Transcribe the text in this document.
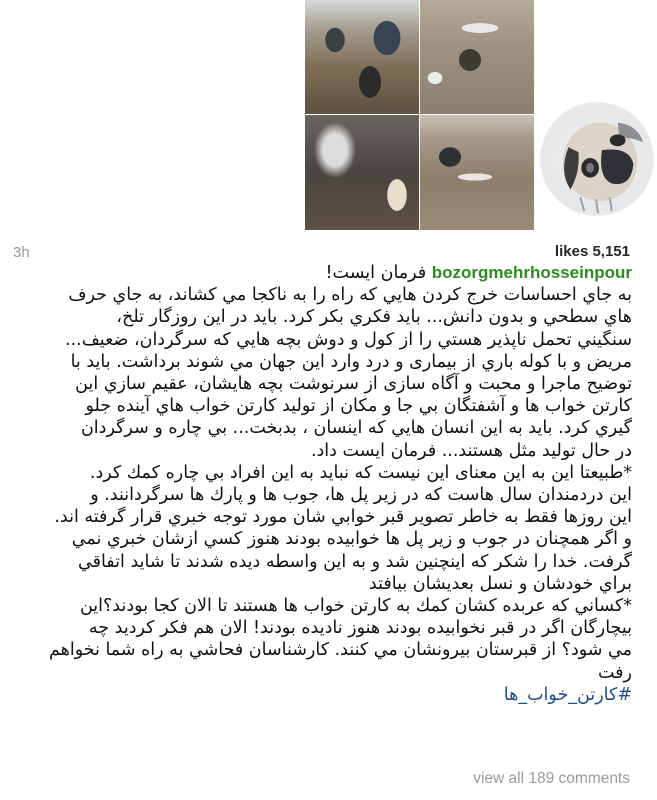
3h	likes 5,151
bozorgmehrhosseinpour فرمان ایست!
به جاي احساسات خرج كردن هايي كه راه را به ناكجا مي كشاند، به جاي حرف
هاي سطحي و بدون دانش... بايد فكري بكر كرد. بايد در اين روزگار تلخ،
سنگيني تحمل ناپذير هستي را از كول و دوش بچه هايي كه سرگردان، ضعيف...
مريض و با كوله باري از بيماری و درد وارد اين جهان مي شوند برداشت. بايد با
توضيح ماجرا و محبت و آگاه سازی از سرنوشت بچه هايشان، عقيم سازي اين
كارتن خواب ها و آشفتگان بي جا و مكان از توليد كارتن خواب هاي آينده جلو
گيري كرد. بايد به اين انسان هايي كه اينسان ، بدبخت... بي چاره و سرگردان
در حال توليد مثل هستند... فرمان ايست داد.
*طبيعتا اين به اين معنای اين نيست كه نبايد به اين افراد بي چاره كمك كرد.
اين دردمندان سال هاست كه در زير پل ها، جوب ها و پارك ها سرگردانند. و
اين روزها فقط به خاطر تصوير قبر خوابي شان مورد توجه خبري قرار گرفته اند.
و اگر همچنان در جوب و زير پل ها خوابيده بودند هنوز كسي ازشان خبري نمي
گرفت. خدا را شكر كه اينچنين شد و به اين واسطه ديده شدند تا شايد اتفاقي
براي خودشان و نسل بعديشان بيافتد
*كساني كه عربده كشان كمك به كارتن خواب ها هستند تا الان كجا بودند؟اين
بيچارگان اگر در قبر نخوابيده بودند هنوز ناديده بودند! الان هم فكر كرديد چه
مي شود؟ از قبرستان بيرونشان مي كنند. كارشناسان فحاشي به راه شما نخواهم
رفت
#کارتن_خواب_ها
view all 189 comments
